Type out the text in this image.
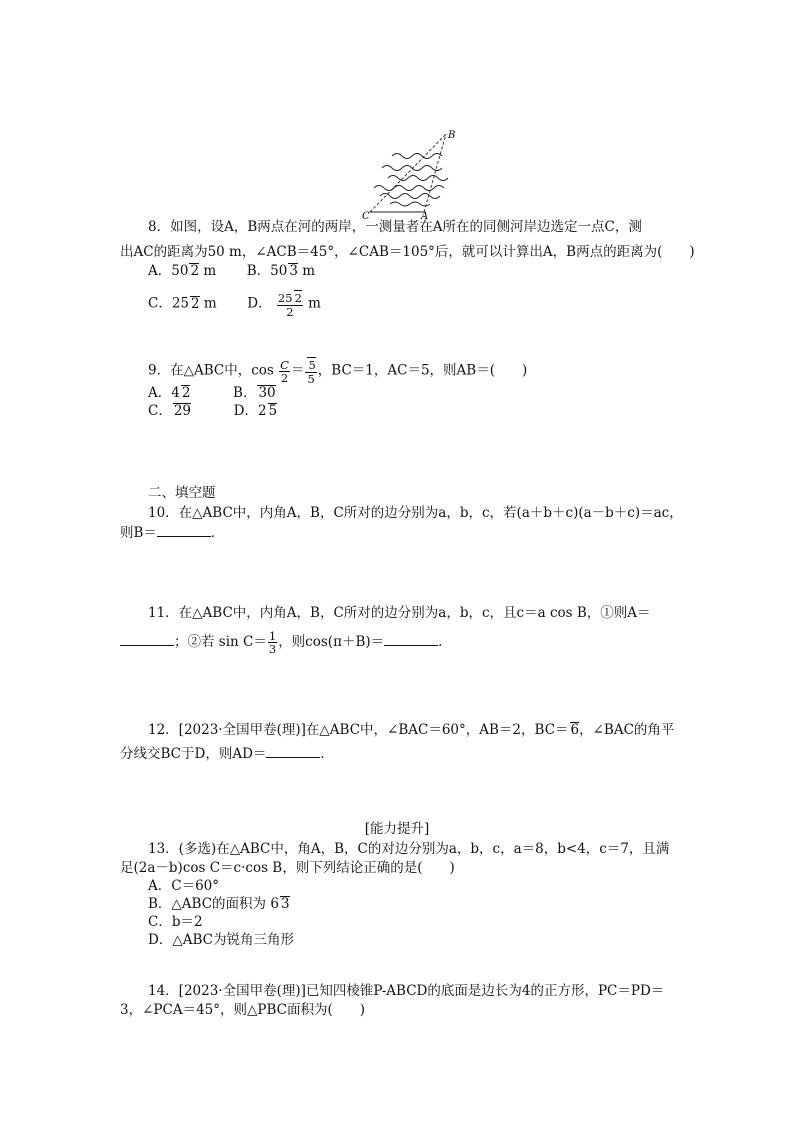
B
C	A
8．如图，设A，B两点在河的两岸，一测量者在A所在的同侧河岸边选定一点C，测
出AC的距离为50 m，∠ACB＝45°，∠CAB＝105°后，就可以计算出A，B两点的距离为(　　)
A．50 2 m B．50 3 m
C．25 2 m D． $\frac{25 2}{2}$ m
9．在△ABC中，$\cos \frac{C}{2} = \frac{5}{5}$ ，BC＝1，AC＝5，则AB＝(　　)
A．4 2	B． 30
C． 29	D．2 5
二、填空题
10．在△ABC中，内角A，B，C所对的边分别为a，b，c，若(a＋b＋c)(a－b＋c)＝ac，
则B＝	．
11．在△ABC中，内角A，B，C所对的边分别为a，b，c，且c＝a cos B，①则A＝
；②若 $\sin C= \frac{1}{3}$ ，则cos(π＋B)＝	．
12．[2023·全国甲卷(理)]在△ABC中，∠BAC＝60°，AB＝2，BC＝ 6，∠BAC的角平
分线交BC于D，则AD＝	．
[能力提升]
13．(多选)在△ABC中，角A，B，C的对边分别为a，b，c，a＝8，b<4，c＝7，且满
足(2a－b)cos C＝c·cos B，则下列结论正确的是(　　)
A．C＝60°
B．△ABC的面积为 6 3
C．b＝2
D．△ABC为锐角三角形
14．[2023·全国甲卷(理)]已知四棱锥P-ABCD的底面是边长为4的正方形，PC＝PD＝
3，∠PCA＝45°，则△PBC面积为(　　)
